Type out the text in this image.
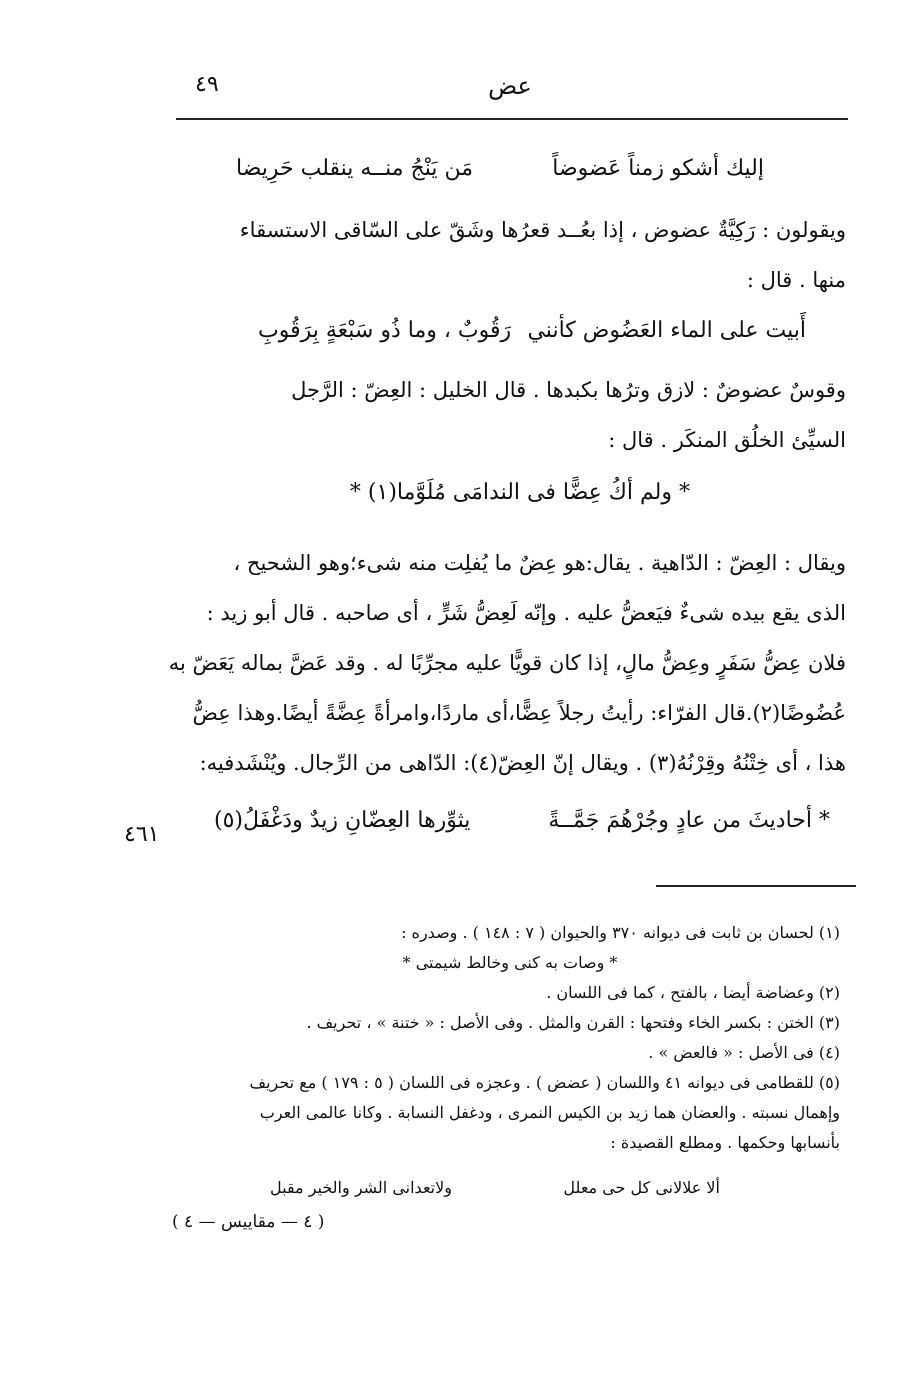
٤٩	عض
إليك أشكو زمناً عَضوضاً
مَن يَنْجُ منــه ينقلب حَرِيضا
ويقولون : رَكِيَّةٌ عضوض ، إذا بعُــد قعرُها وشَقّ على السّاقى الاستسقاء
منها . قال :
أَبيت على الماء العَضُوض كأنني
رَقُوبٌ ، وما ذُو سَبْعَةٍ بِرَقُوبِ
وقوسٌ عضوضٌ : لازق وترُها بكبدها . قال الخليل : العِضّ : الرَّجل
السيِّئ الخلُق المنكَر . قال :
* ولم أكُ عِضًّا فى الندامَى مُلَوَّما(١) *
ويقال : العِضّ : الدّاهية . يقال:هو عِضٌ ما يُفلِت منه شىء؛وهو الشحيح ،
الذى يقع بيده شىءٌ فيَعضُّ عليه . وإنّه لَعِضُّ شَرٍّ ، أى صاحبه . قال أبو زيد :
فلان عِضُّ سَفَرٍ وعِضُّ مالٍ، إذا كان قويًّا عليه مجرِّبًا له . وقد عَضَّ بماله يَعَضّ به
عُضُوضًا(٢).قال الفرّاء: رأيتُ رجلاً عِضًّا،أى ماردًا،وامرأةً عِضَّةً أيضًا.وهذا عِضُّ
هذا ، أى خِتْنُهُ وقِرْنُهُ(٣) . ويقال إنّ العِضّ(٤): الدّاهى من الرِّجال. ويُنْشَدفيه:
* أحاديثَ من عادٍ وجُرْهُمَ جَمَّــةً
يثوِّرها العِضّانِ زيدٌ ودَغْفَلُ(٥)
٤٦١
(١) لحسان بن ثابت فى ديوانه ٣٧٠ والحيوان ( ٧ : ١٤٨ ) . وصدره :
* وصات به كنى وخالط شيمتى *
(٢) وعضاضة أيضا ، بالفتح ، كما فى اللسان .
(٣) الختن : بكسر الخاء وفتحها : القرن والمثل . وفى الأصل : « ختنة » ، تحريف .
(٤) فى الأصل : « فالعض » .
(٥) للقطامى فى ديوانه ٤١ واللسان ( عضض ) . وعجزه فى اللسان ( ٥ : ١٧٩ ) مع تحريف
وإهمال نسبته . والعضان هما زيد بن الكيس النمرى ، ودغفل النسابة . وكانا عالمى العرب
بأنسابها وحكمها . ومطلع القصيدة :
ألا علالانى كل حى معلل
ولاتعدانى الشر والخير مقبل
( ٤ — مقاييس — ٤ )
